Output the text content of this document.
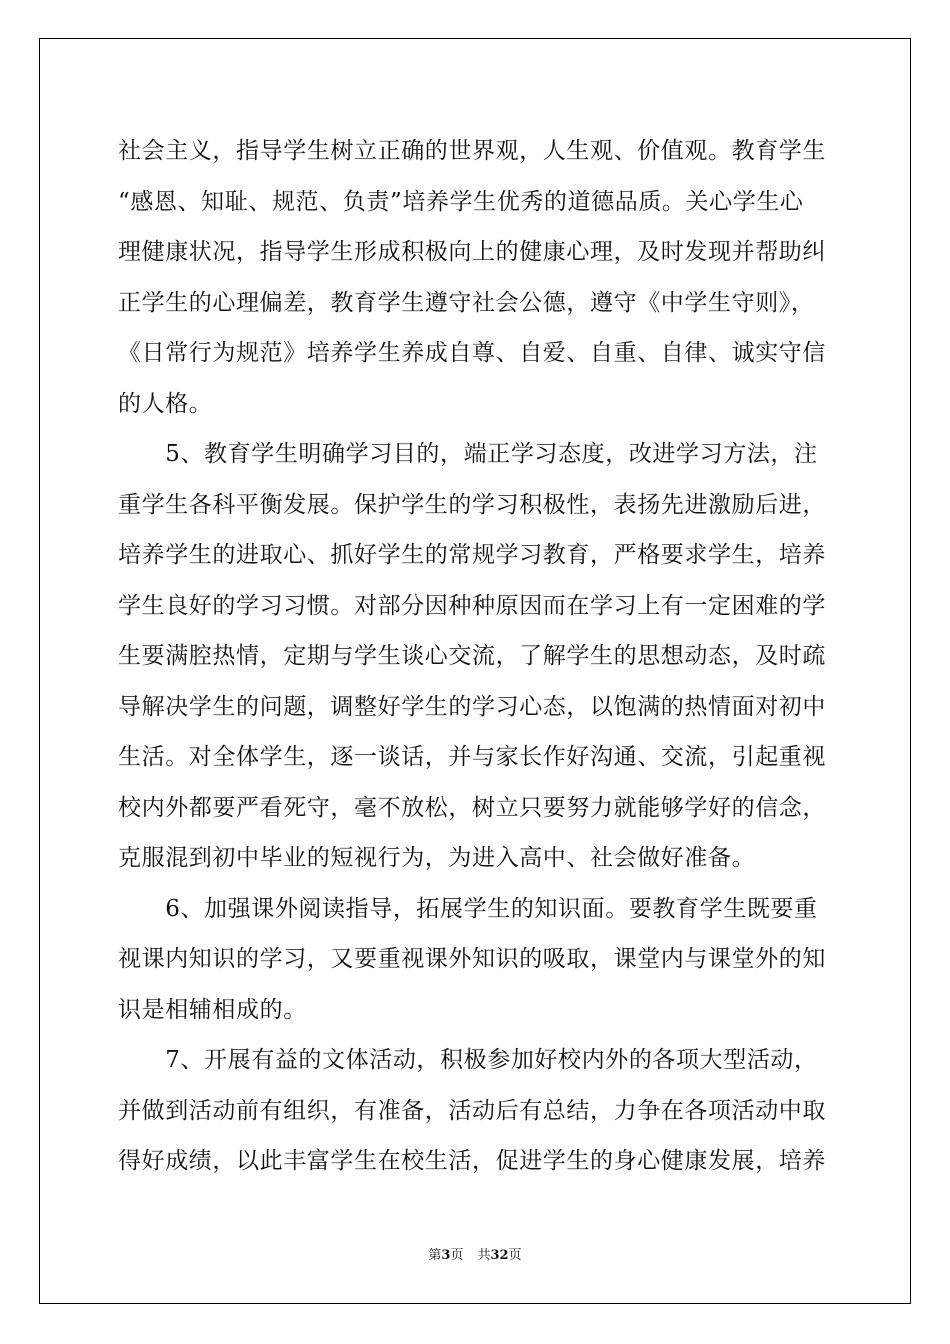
社会主义，指导学生树立正确的世界观，人生观、价值观。教育学生
“感恩、知耻、规范、负责”培养学生优秀的道德品质。关心学生心
理健康状况，指导学生形成积极向上的健康心理，及时发现并帮助纠
正学生的心理偏差，教育学生遵守社会公德，遵守《中学生守则》，
《日常行为规范》培养学生养成自尊、自爱、自重、自律、诚实守信
的人格。
　　5、教育学生明确学习目的，端正学习态度，改进学习方法，注
重学生各科平衡发展。保护学生的学习积极性，表扬先进激励后进，
培养学生的进取心、抓好学生的常规学习教育，严格要求学生，培养
学生良好的学习习惯。对部分因种种原因而在学习上有一定困难的学
生要满腔热情，定期与学生谈心交流，了解学生的思想动态，及时疏
导解决学生的问题，调整好学生的学习心态，以饱满的热情面对初中
生活。对全体学生，逐一谈话，并与家长作好沟通、交流，引起重视
校内外都要严看死守，毫不放松，树立只要努力就能够学好的信念，
克服混到初中毕业的短视行为，为进入高中、社会做好准备。
　　6、加强课外阅读指导，拓展学生的知识面。要教育学生既要重
视课内知识的学习，又要重视课外知识的吸取，课堂内与课堂外的知
识是相辅相成的。
　　7、开展有益的文体活动，积极参加好校内外的各项大型活动，
并做到活动前有组织，有准备，活动后有总结，力争在各项活动中取
得好成绩，以此丰富学生在校生活，促进学生的身心健康发展，培养
第3页 共32页
